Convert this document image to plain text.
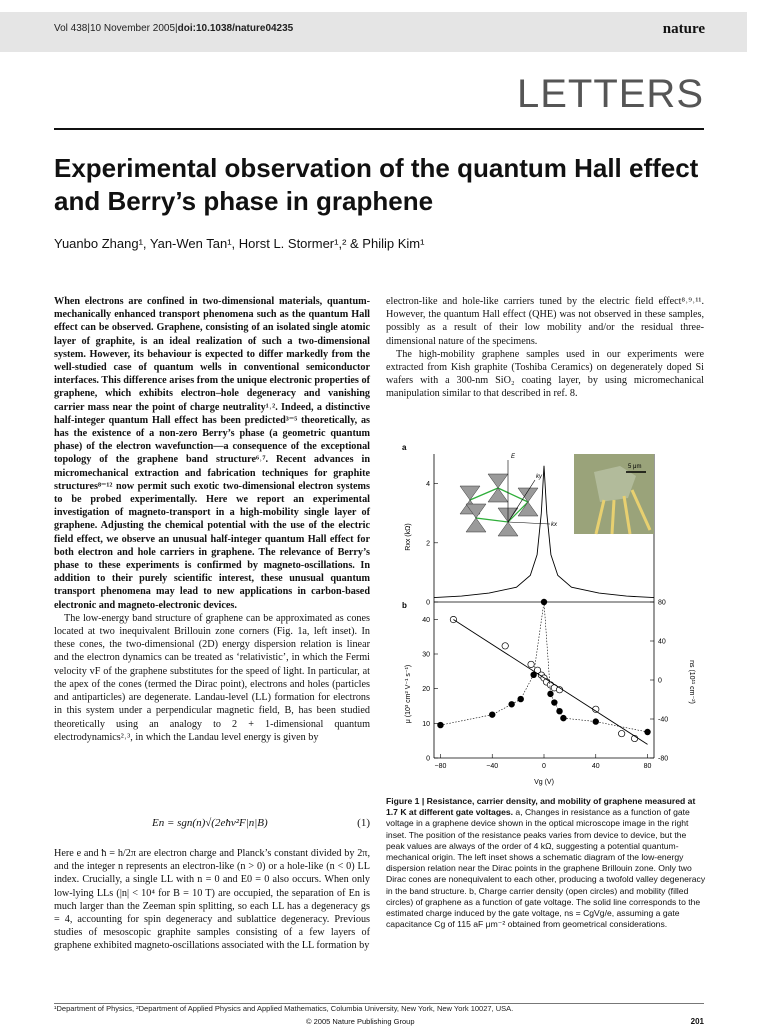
Vol 438|10 November 2005|doi:10.1038/nature04235	nature
LETTERS
Experimental observation of the quantum Hall effect
and Berry’s phase in graphene
Yuanbo Zhang¹, Yan-Wen Tan¹, Horst L. Stormer¹,² & Philip Kim¹
When electrons are confined in two-dimensional materials, quantum-mechanically enhanced transport phenomena such as the quantum Hall effect can be observed. Graphene, consisting of an isolated single atomic layer of graphite, is an ideal realization of such a two-dimensional system. However, its behaviour is expected to differ markedly from the well-studied case of quantum wells in conventional semiconductor interfaces. This difference arises from the unique electronic properties of graphene, which exhibits electron–hole degeneracy and vanishing carrier mass near the point of charge neutrality¹˒². Indeed, a distinctive half-integer quantum Hall effect has been predicted³⁻⁵ theoretically, as has the existence of a non-zero Berry’s phase (a geometric quantum phase) of the electron wavefunction—a consequence of the exceptional topology of the graphene band structure⁶˒⁷. Recent advances in micromechanical extraction and fabrication techniques for graphite structures⁸⁻¹² now permit such exotic two-dimensional electron systems to be probed experimentally. Here we report an experimental investigation of magneto-transport in a high-mobility single layer of graphene. Adjusting the chemical potential with the use of the electric field effect, we observe an unusual half-integer quantum Hall effect for both electron and hole carriers in graphene. The relevance of Berry’s phase to these experiments is confirmed by magneto-oscillations. In addition to their purely scientific interest, these unusual quantum transport phenomena may lead to new applications in carbon-based electronic and magneto-electronic devices.
The low-energy band structure of graphene can be approximated as cones located at two inequivalent Brillouin zone corners (Fig. 1a, left inset). In these cones, the two-dimensional (2D) energy dispersion relation is linear and the electron dynamics can be treated as ‘relativistic’, in which the Fermi velocity vF of the graphene substitutes for the speed of light. In particular, at the apex of the cones (termed the Dirac point), electrons and holes (particles and antiparticles) are degenerate. Landau-level (LL) formation for electrons in this system under a perpendicular magnetic field, B, has been studied theoretically using an analogy to 2 + 1-dimensional quantum electrodynamics²˒³, in which the Landau level energy is given by
En = sgn(n)√(2eħv²F|n|B)	(1)
Here e and ħ = h/2π are electron charge and Planck’s constant divided by 2π, and the integer n represents an electron-like (n > 0) or a hole-like (n < 0) LL index. Crucially, a single LL with n = 0 and E0 = 0 also occurs. When only low-lying LLs (|n| < 10⁴ for B = 10 T) are occupied, the separation of En is much larger than the Zeeman spin splitting, so each LL has a degeneracy gs = 4, accounting for spin degeneracy and sublattice degeneracy. Previous studies of mesoscopic graphite samples consisting of a few layers of graphene exhibited magneto-oscillations associated with the LL formation by
electron-like and hole-like carriers tuned by the electric field effect⁸˒⁹˒¹¹. However, the quantum Hall effect (QHE) was not observed in these samples, possibly as a result of their low mobility and/or the residual three-dimensional nature of the specimens.
The high-mobility graphene samples used in our experiments were extracted from Kish graphite (Toshiba Ceramics) on degenerately doped Si wafers with a 300-nm SiO₂ coating layer, by using micromechanical manipulation similar to that described in ref. 8.
a
Rxx (kΩ)
0
2
4
E
ky
kx
5 μm
b
μ (10³ cm² V⁻¹ s⁻¹)	ns (10¹¹ cm⁻²)
Vg (V)
0
10
20
30
40
-80
-40
0
40
80
−80	−40	0	40	80
Figure 1 | Resistance, carrier density, and mobility of graphene measured at 1.7 K at different gate voltages. a, Changes in resistance as a function of gate voltage in a graphene device shown in the optical microscope image in the right inset. The position of the resistance peaks varies from device to device, but the peak values are always of the order of 4 kΩ, suggesting a potential quantum-mechanical origin. The left inset shows a schematic diagram of the low-energy dispersion relation near the Dirac points in the graphene Brillouin zone. Only two Dirac cones are nonequivalent to each other, producing a twofold valley degeneracy in the band structure. b, Charge carrier density (open circles) and mobility (filled circles) of graphene as a function of gate voltage. The solid line corresponds to the estimated charge induced by the gate voltage, ns = CgVg/e, assuming a gate capacitance Cg of 115 aF μm⁻² obtained from geometrical considerations.
¹Department of Physics, ²Department of Applied Physics and Applied Mathematics, Columbia University, New York, New York 10027, USA.
© 2005 Nature Publishing Group	201
